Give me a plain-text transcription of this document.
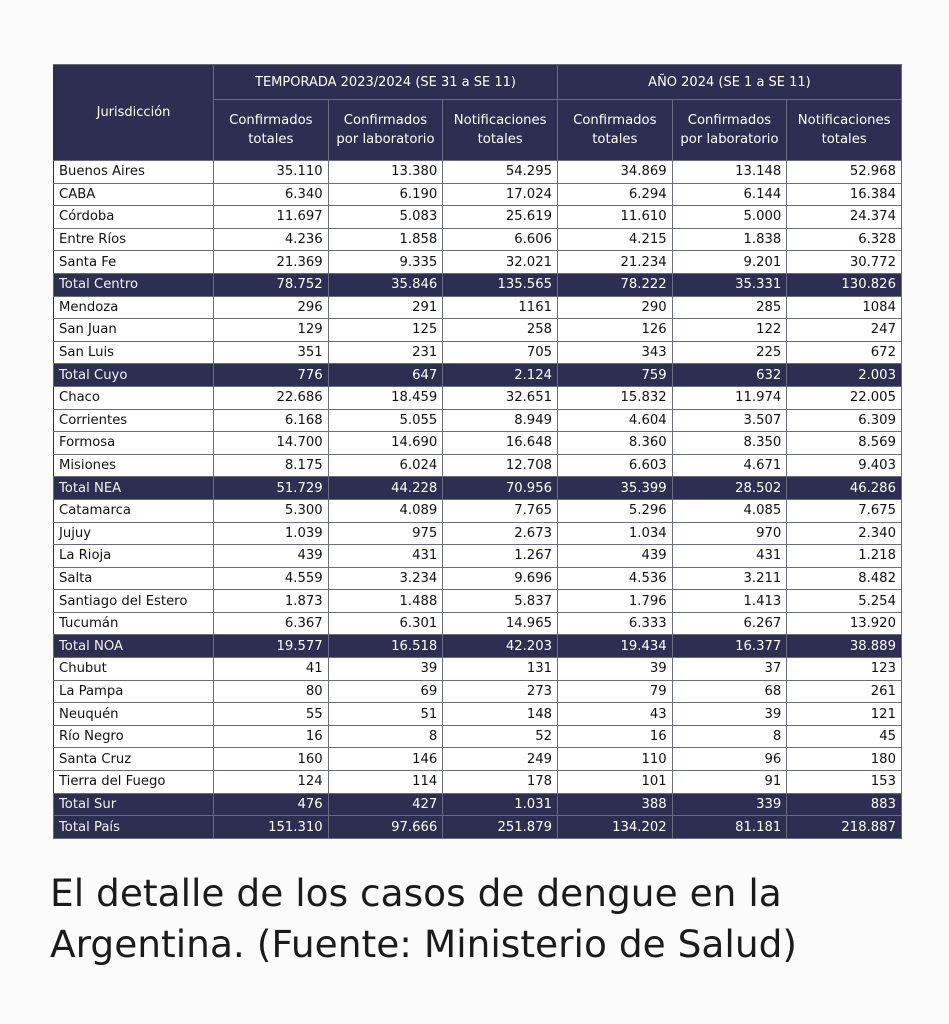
Jurisdicción	TEMPORADA 2023/2024 (SE 31 a SE 11)			AÑO 2024 (SE 1 a SE 11)		
	Confirmados totales	Confirmados por laboratorio	Notificaciones totales	Confirmados totales	Confirmados por laboratorio	Notificaciones totales
Buenos Aires	35.110	13.380	54.295	34.869	13.148	52.968
CABA	6.340	6.190	17.024	6.294	6.144	16.384
Córdoba	11.697	5.083	25.619	11.610	5.000	24.374
Entre Ríos	4.236	1.858	6.606	4.215	1.838	6.328
Santa Fe	21.369	9.335	32.021	21.234	9.201	30.772
Total Centro	78.752	35.846	135.565	78.222	35.331	130.826
Mendoza	296	291	1161	290	285	1084
San Juan	129	125	258	126	122	247
San Luis	351	231	705	343	225	672
Total Cuyo	776	647	2.124	759	632	2.003
Chaco	22.686	18.459	32.651	15.832	11.974	22.005
Corrientes	6.168	5.055	8.949	4.604	3.507	6.309
Formosa	14.700	14.690	16.648	8.360	8.350	8.569
Misiones	8.175	6.024	12.708	6.603	4.671	9.403
Total NEA	51.729	44.228	70.956	35.399	28.502	46.286
Catamarca	5.300	4.089	7.765	5.296	4.085	7.675
Jujuy	1.039	975	2.673	1.034	970	2.340
La Rioja	439	431	1.267	439	431	1.218
Salta	4.559	3.234	9.696	4.536	3.211	8.482
Santiago del Estero	1.873	1.488	5.837	1.796	1.413	5.254
Tucumán	6.367	6.301	14.965	6.333	6.267	13.920
Total NOA	19.577	16.518	42.203	19.434	16.377	38.889
Chubut	41	39	131	39	37	123
La Pampa	80	69	273	79	68	261
Neuquén	55	51	148	43	39	121
Río Negro	16	8	52	16	8	45
Santa Cruz	160	146	249	110	96	180
Tierra del Fuego	124	114	178	101	91	153
Total Sur	476	427	1.031	388	339	883
Total País	151.310	97.666	251.879	134.202	81.181	218.887

El detalle de los casos de dengue en la Argentina. (Fuente: Ministerio de Salud)
